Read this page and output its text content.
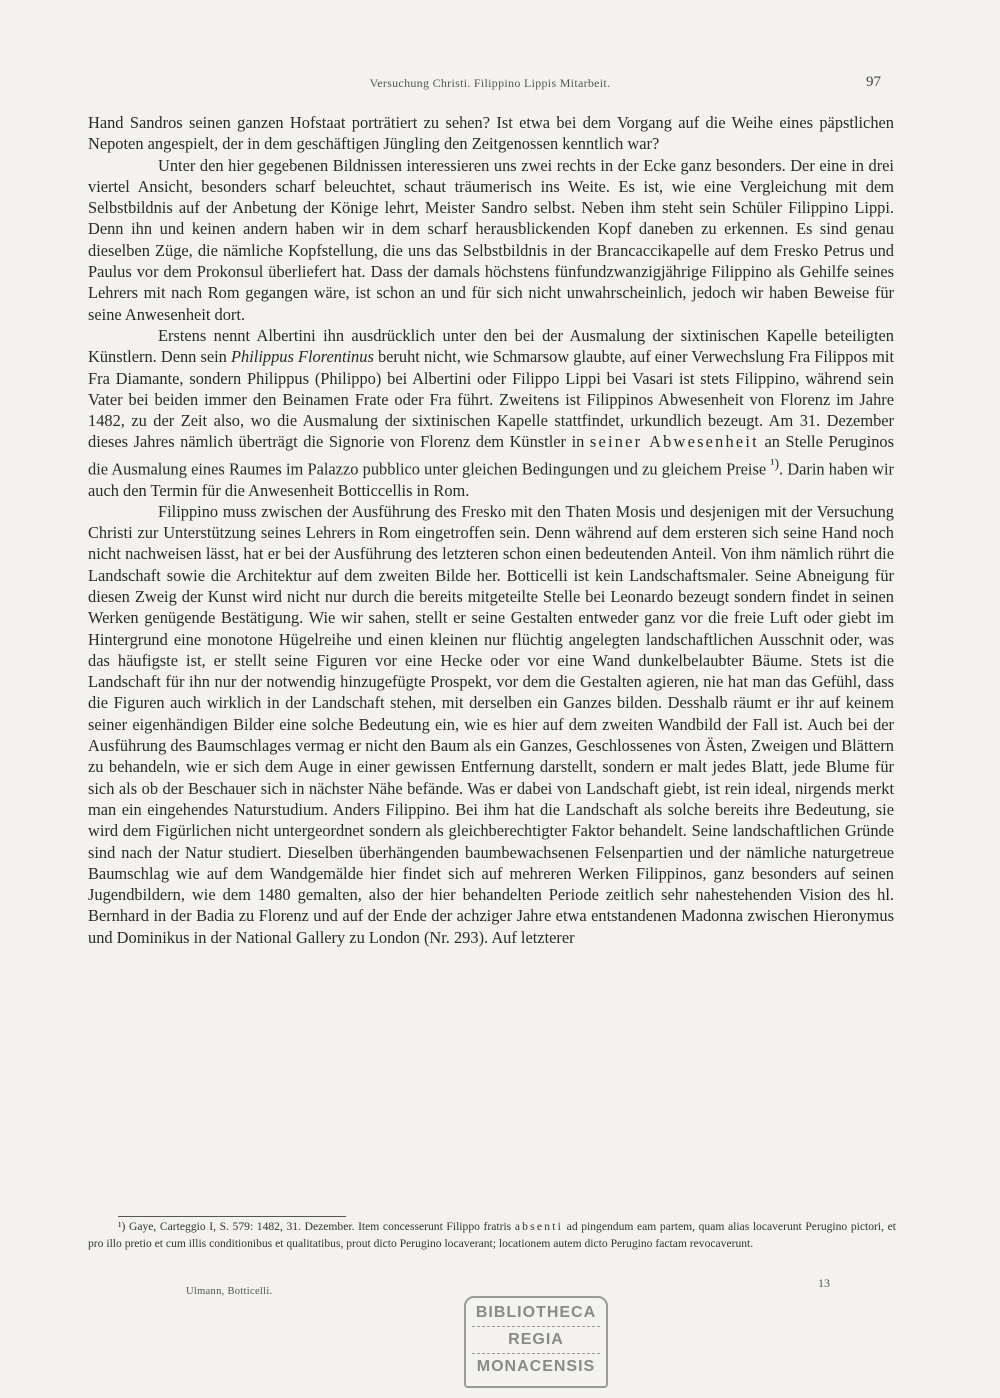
Versuchung Christi. Filippino Lippis Mitarbeit.	97

Hand Sandros seinen ganzen Hofstaat porträtiert zu sehen? Ist etwa bei dem Vorgang auf die Weihe eines päpstlichen Nepoten angespielt, der in dem geschäftigen Jüngling den Zeitgenossen kenntlich war?

Unter den hier gegebenen Bildnissen interessieren uns zwei rechts in der Ecke ganz besonders. Der eine in drei viertel Ansicht, besonders scharf beleuchtet, schaut träumerisch ins Weite. Es ist, wie eine Vergleichung mit dem Selbstbildnis auf der Anbetung der Könige lehrt, Meister Sandro selbst. Neben ihm steht sein Schüler Filippino Lippi. Denn ihn und keinen andern haben wir in dem scharf herausblickenden Kopf daneben zu erkennen. Es sind genau dieselben Züge, die nämliche Kopfstellung, die uns das Selbstbildnis in der Brancaccikapelle auf dem Fresko Petrus und Paulus vor dem Prokonsul überliefert hat. Dass der damals höchstens fünfundzwanzigjährige Filippino als Gehilfe seines Lehrers mit nach Rom gegangen wäre, ist schon an und für sich nicht unwahrscheinlich, jedoch wir haben Beweise für seine Anwesenheit dort.

Erstens nennt Albertini ihn ausdrücklich unter den bei der Ausmalung der sixtinischen Kapelle beteiligten Künstlern. Denn sein Philippus Florentinus beruht nicht, wie Schmarsow glaubte, auf einer Verwechslung Fra Filippos mit Fra Diamante, sondern Philippus (Philippo) bei Albertini oder Filippo Lippi bei Vasari ist stets Filippino, während sein Vater bei beiden immer den Beinamen Frate oder Fra führt. Zweitens ist Filippinos Abwesenheit von Florenz im Jahre 1482, zu der Zeit also, wo die Ausmalung der sixtinischen Kapelle stattfindet, urkundlich bezeugt. Am 31. Dezember dieses Jahres nämlich überträgt die Signorie von Florenz dem Künstler in seiner Abwesenheit an Stelle Peruginos die Ausmalung eines Raumes im Palazzo pubblico unter gleichen Bedingungen und zu gleichem Preise $^{^1)}$. Darin haben wir auch den Termin für die Anwesenheit Botticcellis in Rom.

Filippino muss zwischen der Ausführung des Fresko mit den Thaten Mosis und desjenigen mit der Versuchung Christi zur Unterstützung seines Lehrers in Rom eingetroffen sein. Denn während auf dem ersteren sich seine Hand noch nicht nachweisen lässt, hat er bei der Ausführung des letzteren schon einen bedeutenden Anteil. Von ihm nämlich rührt die Landschaft sowie die Architektur auf dem zweiten Bilde her. Botticelli ist kein Landschaftsmaler. Seine Abneigung für diesen Zweig der Kunst wird nicht nur durch die bereits mitgeteilte Stelle bei Leonardo bezeugt sondern findet in seinen Werken genügende Bestätigung. Wie wir sahen, stellt er seine Gestalten entweder ganz vor die freie Luft oder giebt im Hintergrund eine monotone Hügelreihe und einen kleinen nur flüchtig angelegten landschaftlichen Ausschnit oder, was das häufigste ist, er stellt seine Figuren vor eine Hecke oder vor eine Wand dunkelbelaubter Bäume. Stets ist die Landschaft für ihn nur der notwendig hinzugefügte Prospekt, vor dem die Gestalten agieren, nie hat man das Gefühl, dass die Figuren auch wirklich in der Landschaft stehen, mit derselben ein Ganzes bilden. Desshalb räumt er ihr auf keinem seiner eigenhändigen Bilder eine solche Bedeutung ein, wie es hier auf dem zweiten Wandbild der Fall ist. Auch bei der Ausführung des Baumschlages vermag er nicht den Baum als ein Ganzes, Geschlossenes von Ästen, Zweigen und Blättern zu behandeln, wie er sich dem Auge in einer gewissen Entfernung darstellt, sondern er malt jedes Blatt, jede Blume für sich als ob der Beschauer sich in nächster Nähe befände. Was er dabei von Landschaft giebt, ist rein ideal, nirgends merkt man ein eingehendes Naturstudium. Anders Filippino. Bei ihm hat die Landschaft als solche bereits ihre Bedeutung, sie wird dem Figürlichen nicht untergeordnet sondern als gleichberechtigter Faktor behandelt. Seine landschaftlichen Gründe sind nach der Natur studiert. Dieselben überhängenden baumbewachsenen Felsenpartien und der nämliche naturgetreue Baumschlag wie auf dem Wandgemälde hier findet sich auf mehreren Werken Filippinos, ganz besonders auf seinen Jugendbildern, wie dem 1480 gemalten, also der hier behandelten Periode zeitlich sehr nahestehenden Vision des hl. Bernhard in der Badia zu Florenz und auf der Ende der achziger Jahre etwa entstandenen Madonna zwischen Hieronymus und Dominikus in der National Gallery zu London (Nr. 293). Auf letzterer

¹) Gaye, Carteggio I, S. 579: 1482, 31. Dezember. Item concesserunt Filippo fratris absenti ad pingendum eam partem, quam alias locaverunt Perugino pictori, et pro illo pretio et cum illis conditionibus et qualitatibus, prout dicto Perugino locaverant; locationem autem dicto Perugino factam revocaverunt.
Ulmann, Botticelli.
13
BIBLIOTHECA
REGIA
MONACENSIS
